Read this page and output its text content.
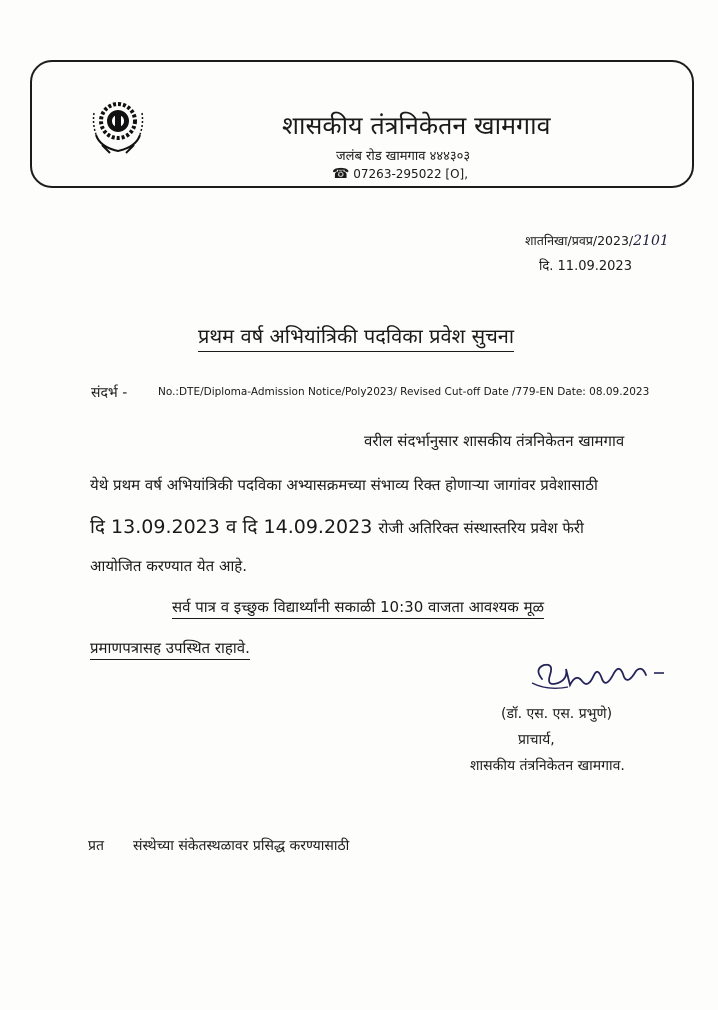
शासकीय तंत्रनिकेतन खामगाव
जलंब रोड खामगाव ४४४३०३
☎ 07263-295022 [O],
शातनिखा/प्रवप्र/2023/2101
दि. 11.09.2023
प्रथम वर्ष अभियांत्रिकी पदविका प्रवेश सुचना
संदर्भ -	No.:DTE/Diploma-Admission Notice/Poly2023/ Revised Cut-off Date /779-EN Date: 08.09.2023
वरील संदर्भानुसार शासकीय तंत्रनिकेतन खामगाव
येथे प्रथम वर्ष अभियांत्रिकी पदविका अभ्यासक्रमच्या संभाव्य रिक्त होणाऱ्या जागांवर प्रवेशासाठी
दि 13.09.2023 व दि 14.09.2023 रोजी अतिरिक्त संस्थास्तरिय प्रवेश फेरी
आयोजित करण्यात येत आहे.
सर्व पात्र व इच्छुक विद्यार्थ्यांनी सकाळी 10:30 वाजता आवश्यक मूळ
प्रमाणपत्रासह उपस्थित राहावे.
(डॉ. एस. एस. प्रभुणे)
प्राचार्य,
शासकीय तंत्रनिकेतन खामगाव.
प्रत संस्थेच्या संकेतस्थळावर प्रसिद्ध करण्यासाठी
